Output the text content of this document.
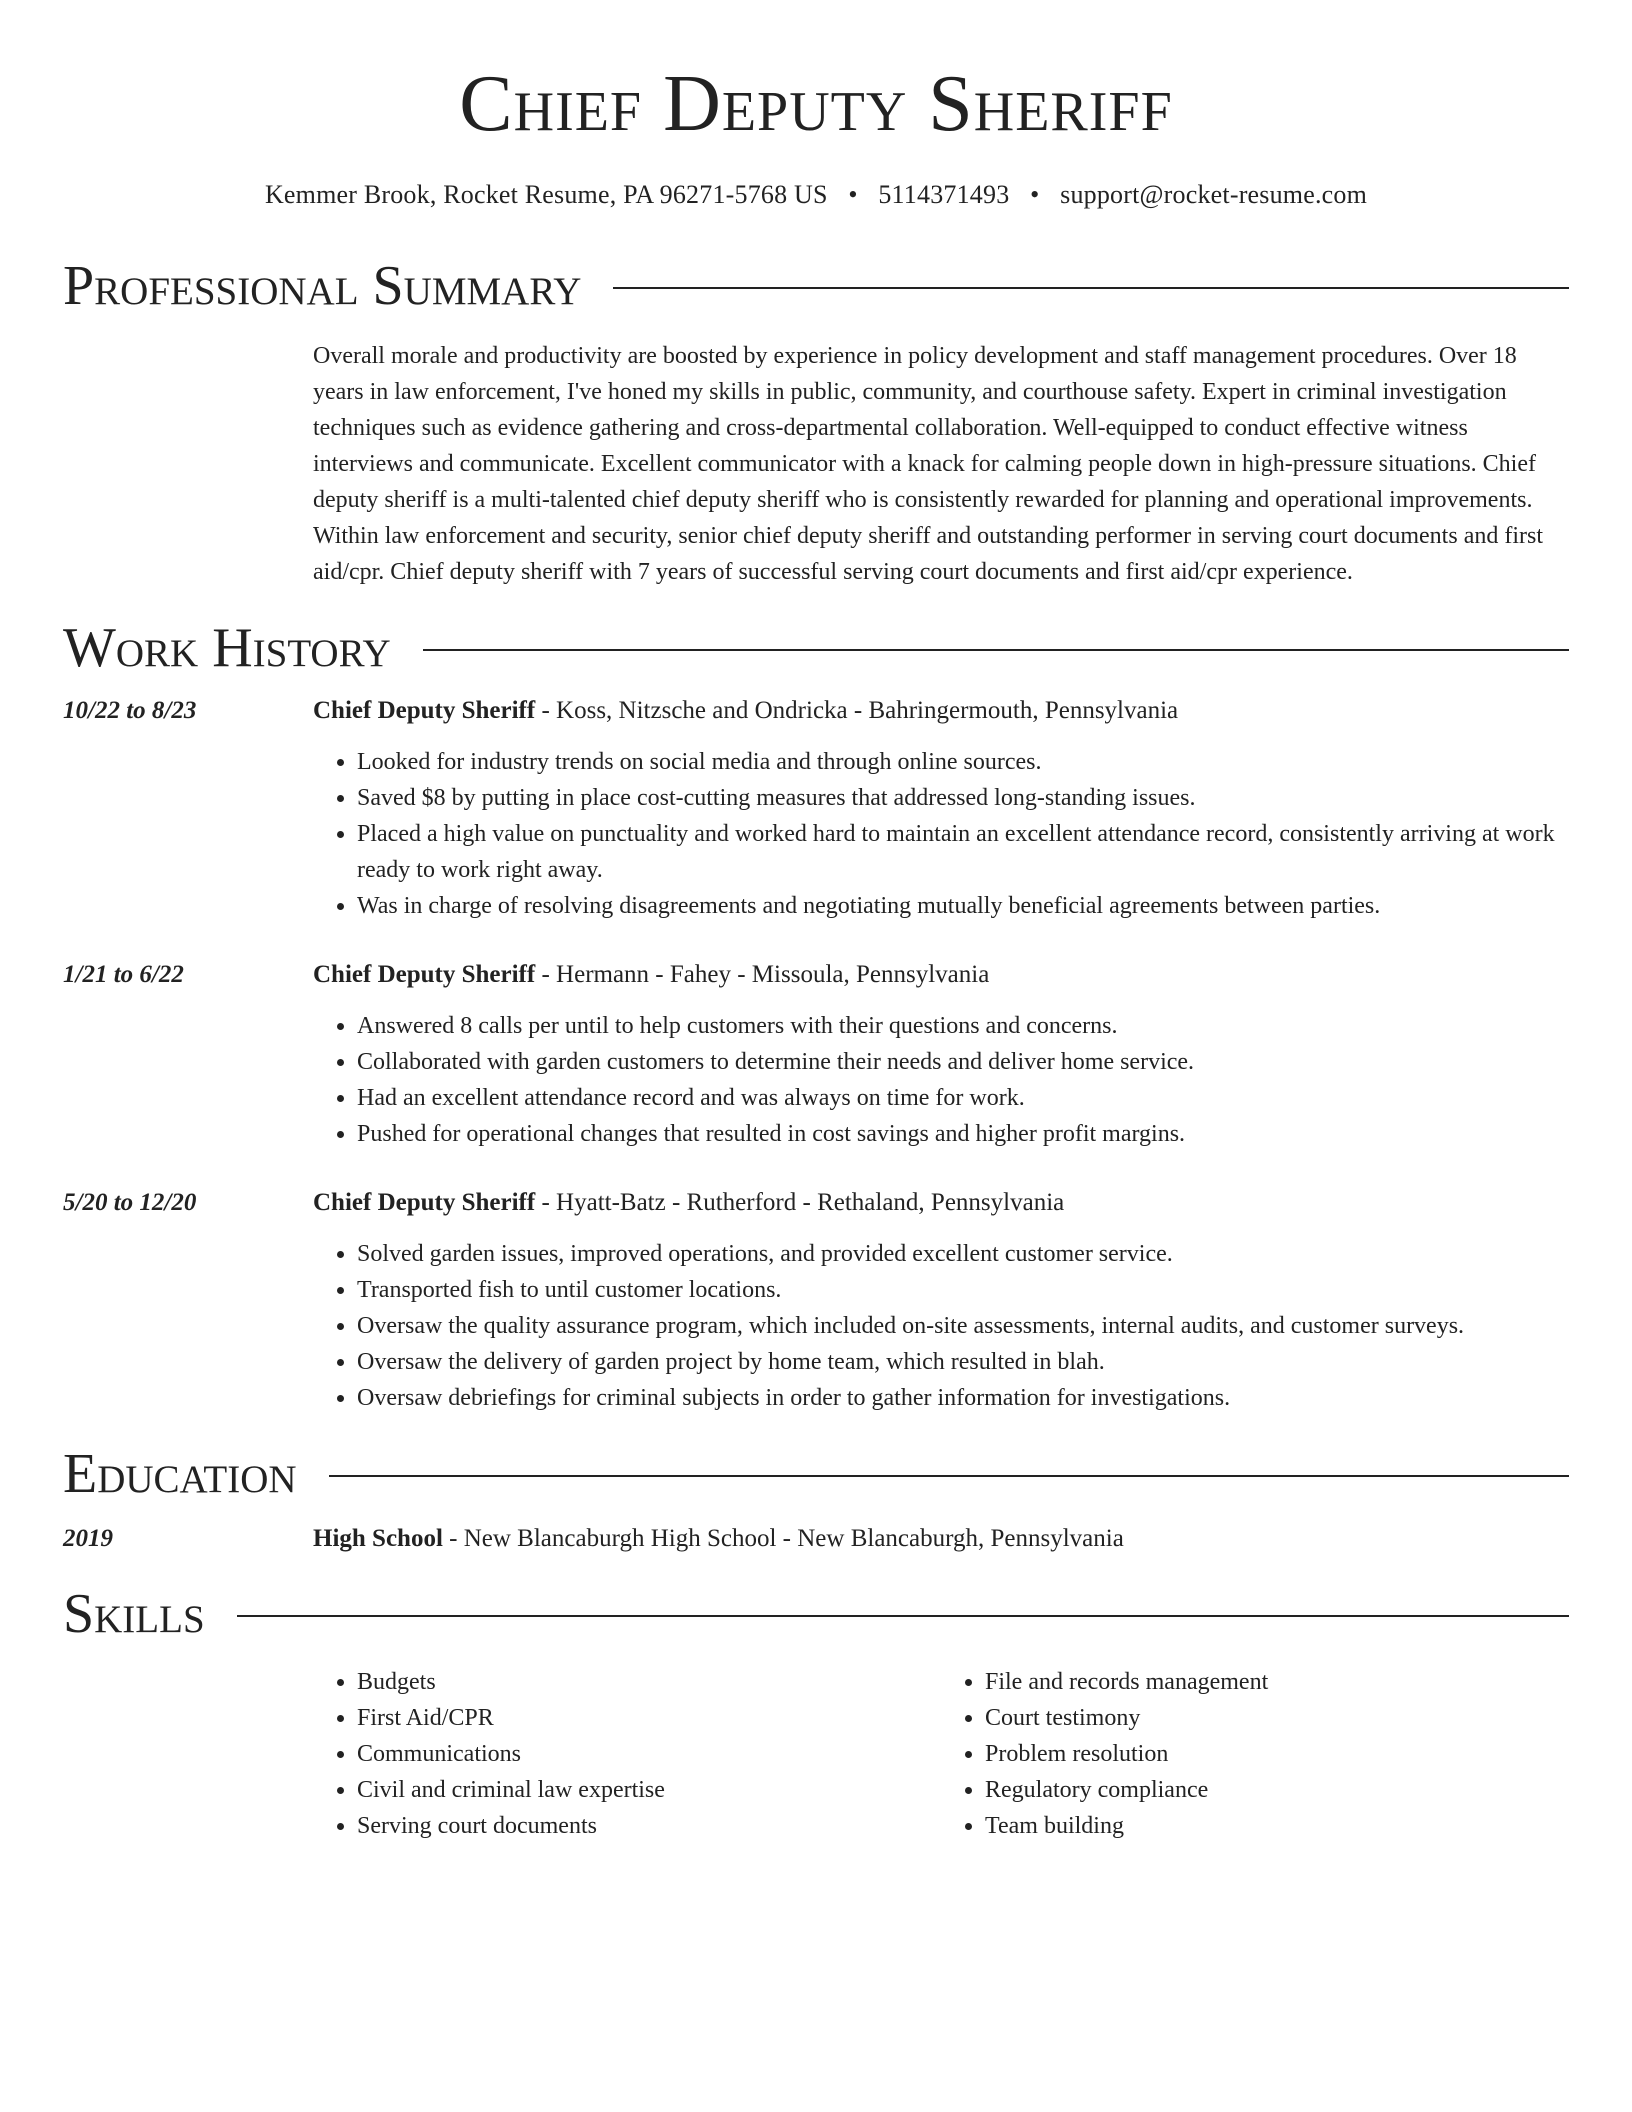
Chief Deputy Sheriff
Kemmer Brook, Rocket Resume, PA 96271-5768 US • 5114371493 • support@rocket-resume.com
Professional Summary
Overall morale and productivity are boosted by experience in policy development and staff management procedures. Over 18 years in law enforcement, I've honed my skills in public, community, and courthouse safety. Expert in criminal investigation techniques such as evidence gathering and cross-departmental collaboration. Well-equipped to conduct effective witness interviews and communicate. Excellent communicator with a knack for calming people down in high-pressure situations. Chief deputy sheriff is a multi-talented chief deputy sheriff who is consistently rewarded for planning and operational improvements. Within law enforcement and security, senior chief deputy sheriff and outstanding performer in serving court documents and first aid/cpr. Chief deputy sheriff with 7 years of successful serving court documents and first aid/cpr experience.
Work History
10/22 to 8/23	Chief Deputy Sheriff - Koss, Nitzsche and Ondricka - Bahringermouth, Pennsylvania
• Looked for industry trends on social media and through online sources.
• Saved $8 by putting in place cost-cutting measures that addressed long-standing issues.
• Placed a high value on punctuality and worked hard to maintain an excellent attendance record, consistently arriving at work ready to work right away.
• Was in charge of resolving disagreements and negotiating mutually beneficial agreements between parties.
1/21 to 6/22	Chief Deputy Sheriff - Hermann - Fahey - Missoula, Pennsylvania
• Answered 8 calls per until to help customers with their questions and concerns.
• Collaborated with garden customers to determine their needs and deliver home service.
• Had an excellent attendance record and was always on time for work.
• Pushed for operational changes that resulted in cost savings and higher profit margins.
5/20 to 12/20	Chief Deputy Sheriff - Hyatt-Batz - Rutherford - Rethaland, Pennsylvania
• Solved garden issues, improved operations, and provided excellent customer service.
• Transported fish to until customer locations.
• Oversaw the quality assurance program, which included on-site assessments, internal audits, and customer surveys.
• Oversaw the delivery of garden project by home team, which resulted in blah.
• Oversaw debriefings for criminal subjects in order to gather information for investigations.
Education
2019	High School - New Blancaburgh High School - New Blancaburgh, Pennsylvania
Skills
• Budgets
• First Aid/CPR
• Communications
• Civil and criminal law expertise
• Serving court documents
• File and records management
• Court testimony
• Problem resolution
• Regulatory compliance
• Team building
